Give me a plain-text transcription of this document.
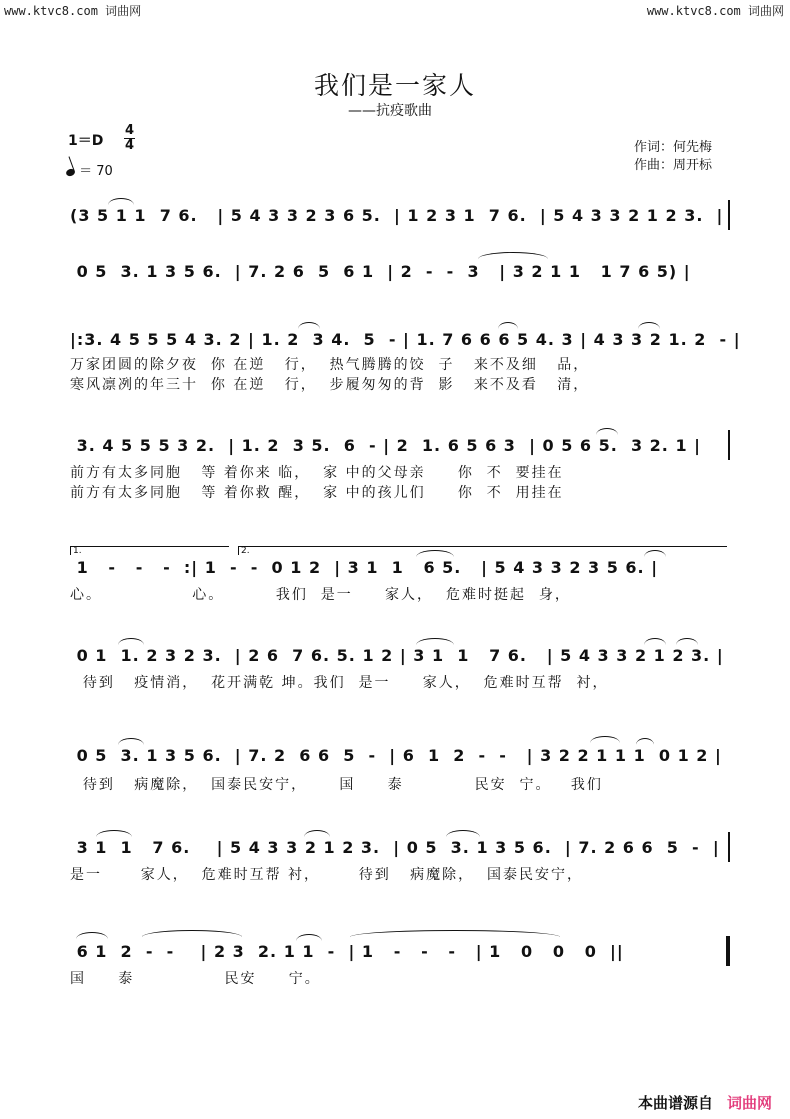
www.ktvc8.com 词曲网	www.ktvc8.com 词曲网
我们是一家人
——抗疫歌曲
1＝D
4
4
＝ 70
作词：何先梅
作曲：周开标
(3 5 1 1  7 6.   | 5 4 3 3 2 3 6 5.  | 1 2 3 1  7 6.  | 5 4 3 3 2 1 2 3.  |
0 5  3. 1 3 5 6.  | 7. 2 6  5  6 1  | 2  -  -  3   | 3 2 1 1   1 7 6 5) |
|:3. 4 5 5 5 4 3. 2 | 1. 2  3 4.  5  - | 1. 7 6 6 6 5 4. 3 | 4 3 3 2 1. 2  - |
万家团圆的除夕夜  你 在逆   行，  热气腾腾的饺  子   来不及细   品，
寒风凛冽的年三十  你 在逆   行，  步履匆匆的背  影   来不及看   清，
3. 4 5 5 5 3 2.  | 1. 2  3 5.  6  - | 2  1. 6 5 6 3  | 0 5 6 5.  3 2. 1 |
前方有太多同胞   等 着你来 临，  家 中的父母亲     你  不  要挂在
前方有太多同胞   等 着你救 醒，  家 中的孩儿们     你  不  用挂在
1.	2.
1   -   -   -  :| 1  -  -  0 1 2  | 3 1  1   6 5.   | 5 4 3 3 2 3 5 6. |
心。              心。        我们  是一     家人，  危难时挺起  身，
0 1  1. 2 3 2 3.  | 2 6  7 6. 5. 1 2 | 3 1  1   7 6.   | 5 4 3 3 2 1 2 3. |
待到   疫情消，  花开满乾 坤。我们  是一     家人，  危难时互帮  衬，
0 5  3. 1 3 5 6.  | 7. 2  6 6  5  -  | 6  1  2  -  -   | 3 2 2 1 1 1  0 1 2 |
待到   病魔除，  国泰民安宁，     国     泰           民安  宁。   我们
3 1  1   7 6.    | 5 4 3 3 2 1 2 3.  | 0 5  3. 1 3 5 6.  | 7. 2 6 6  5  -  |
是一      家人，  危难时互帮 衬，      待到   病魔除，  国泰民安宁，
6 1  2  -  -    | 2 3  2. 1 1  -  | 1   -   -   -   | 1   0   0   0  ||
国     泰              民安     宁。
本曲谱源自 词曲网
